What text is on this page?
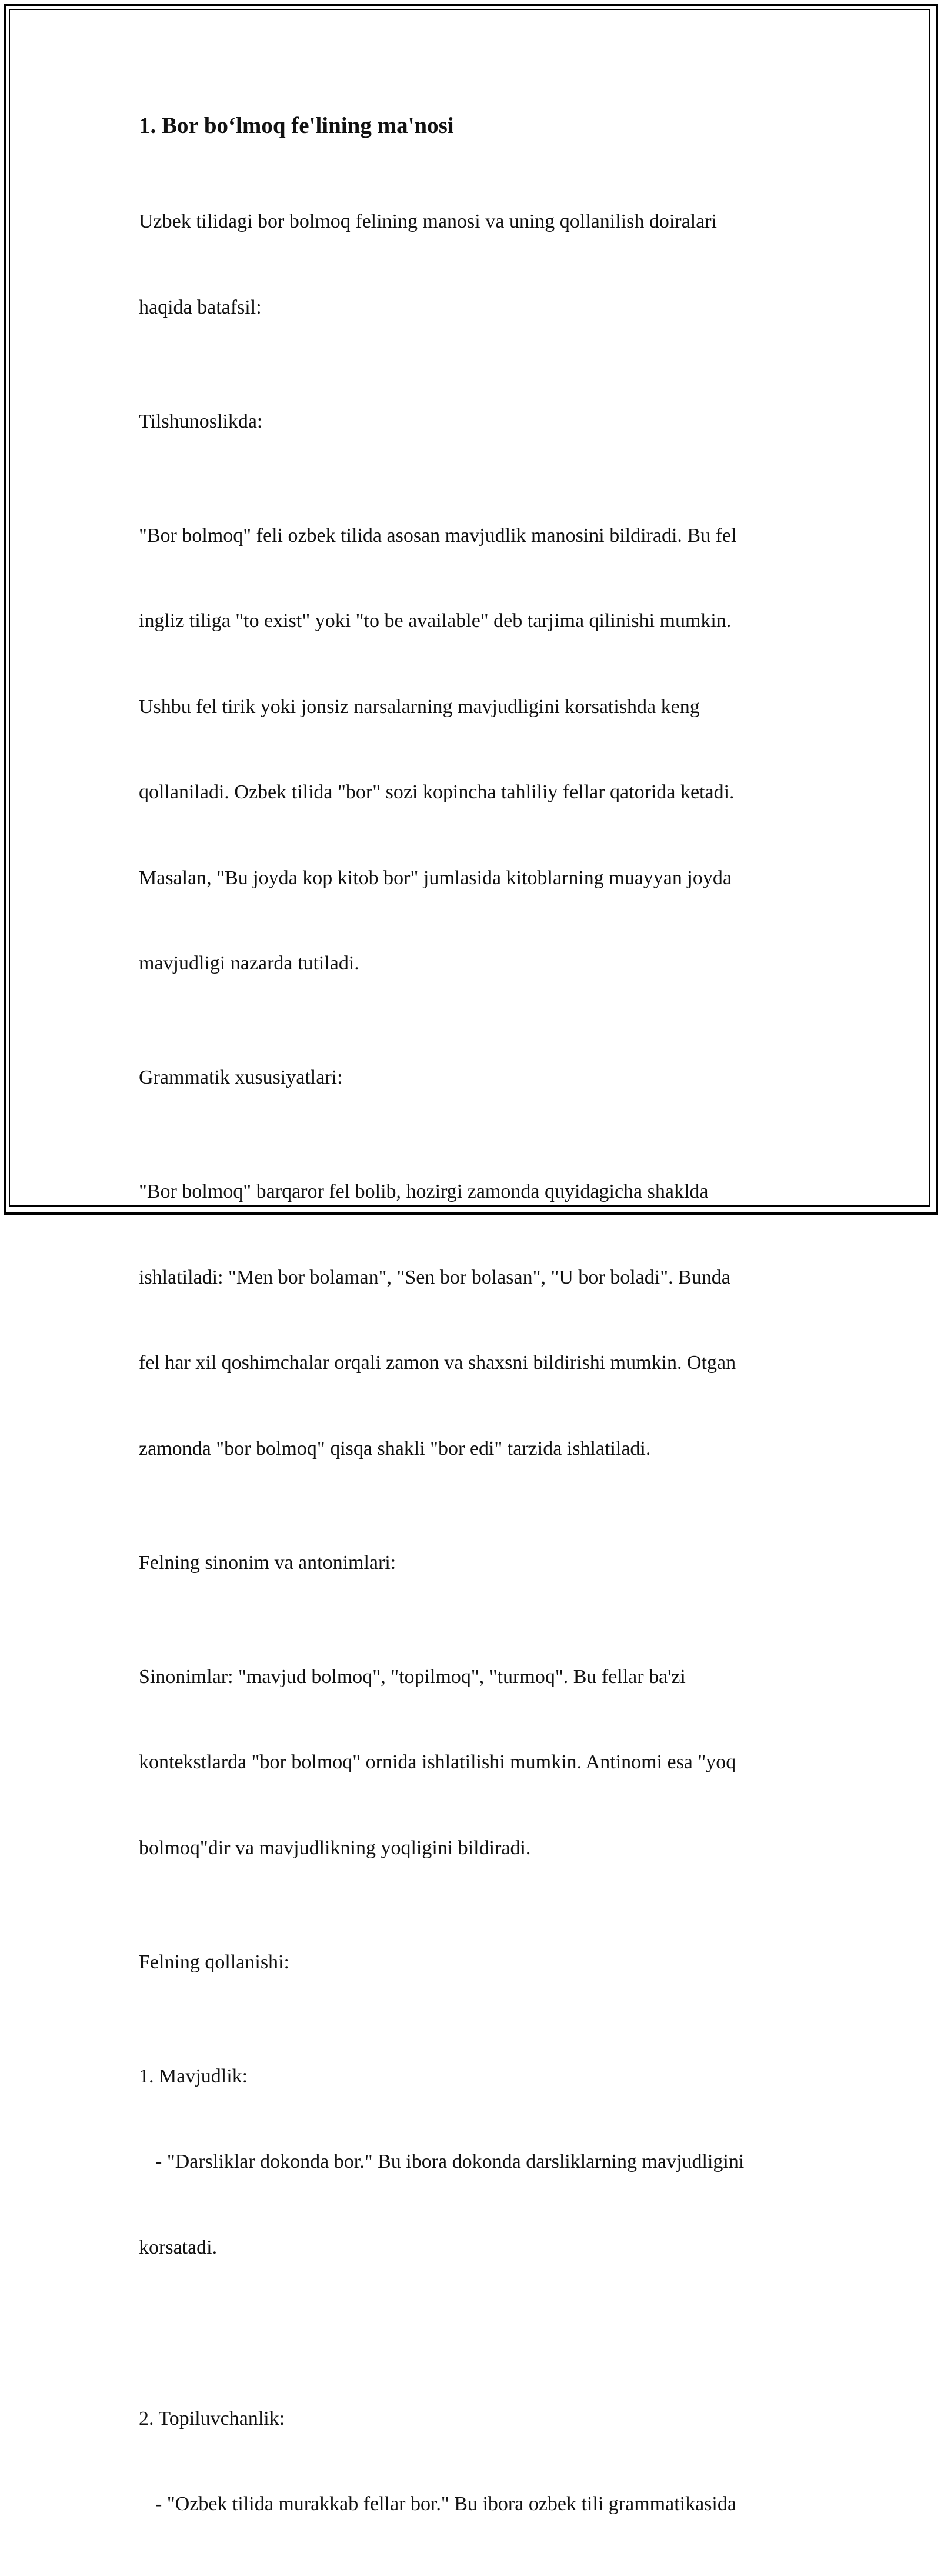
1. Bor bo‘lmoq fe'lining ma'nosi

Uzbek tilidagi bor bolmoq felining manosi va uning qollanilish doiralari

haqida batafsil:

Tilshunoslikda:

"Bor bolmoq" feli ozbek tilida asosan mavjudlik manosini bildiradi. Bu fel

ingliz tiliga "to exist" yoki "to be available" deb tarjima qilinishi mumkin.

Ushbu fel tirik yoki jonsiz narsalarning mavjudligini korsatishda keng

qollaniladi. Ozbek tilida "bor" sozi kopincha tahliliy fellar qatorida ketadi.

Masalan, "Bu joyda kop kitob bor" jumlasida kitoblarning muayyan joyda

mavjudligi nazarda tutiladi.

Grammatik xususiyatlari:

"Bor bolmoq" barqaror fel bolib, hozirgi zamonda quyidagicha shaklda

ishlatiladi: "Men bor bolaman", "Sen bor bolasan", "U bor boladi". Bunda

fel har xil qoshimchalar orqali zamon va shaxsni bildirishi mumkin. Otgan

zamonda "bor bolmoq" qisqa shakli "bor edi" tarzida ishlatiladi.

Felning sinonim va antonimlari:

Sinonimlar: "mavjud bolmoq", "topilmoq", "turmoq". Bu fellar ba'zi

kontekstlarda "bor bolmoq" ornida ishlatilishi mumkin. Antinomi esa "yoq

bolmoq"dir va mavjudlikning yoqligini bildiradi.

Felning qollanishi:

1. Mavjudlik:

- "Darsliklar dokonda bor." Bu ibora dokonda darsliklarning mavjudligini

korsatadi.

2. Topiluvchanlik:

- "Ozbek tilida murakkab fellar bor." Bu ibora ozbek tili grammatikasida
